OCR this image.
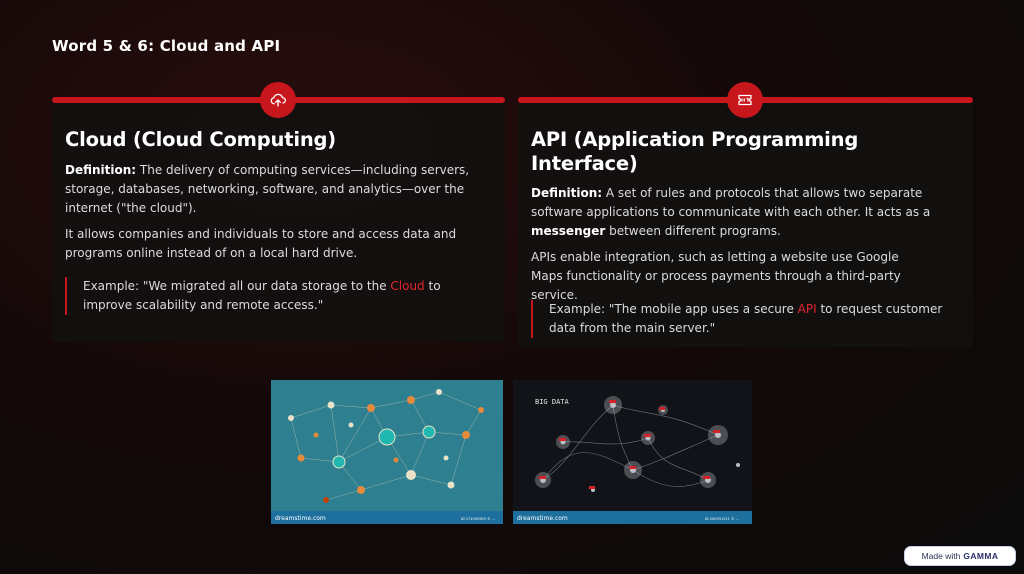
Word 5 & 6: Cloud and API
Cloud (Cloud Computing)
Definition: The delivery of computing services—including servers, storage, databases, networking, software, and analytics—over the internet ("the cloud").
It allows companies and individuals to store and access data and programs online instead of on a local hard drive.
Example: "We migrated all our data storage to the Cloud to improve scalability and remote access."
API (Application Programming Interface)
Definition: A set of rules and protocols that allows two separate software applications to communicate with each other. It acts as a messenger between different programs.
APIs enable integration, such as letting a website use Google Maps functionality or process payments through a third-party service.
Example: "The mobile app uses a secure API to request customer data from the main server."
dreamstime.com	ID 171902903 © ...
BIG DATA
dreamstime.com	ID 200331211 © ...
Made with GAMMA
